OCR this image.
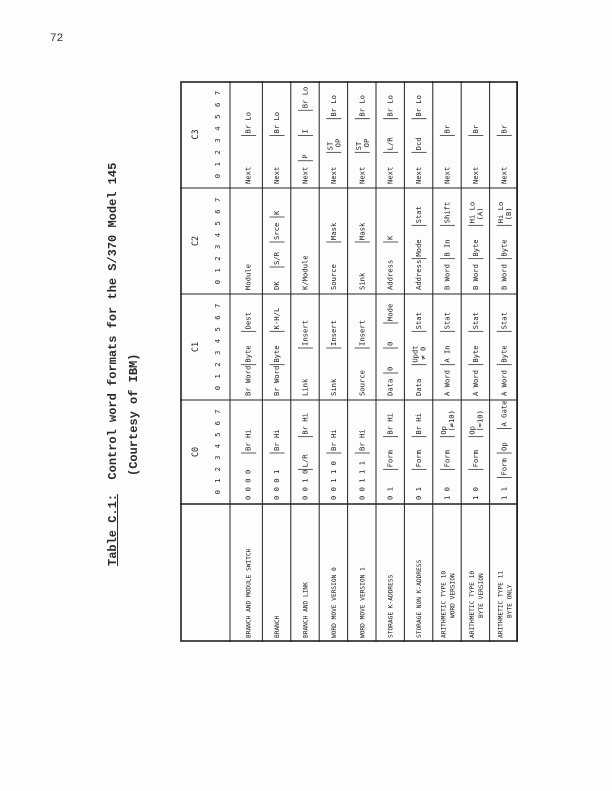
72
Table C.1:  Control word formats for the S/370 Model 145 (Courtesy of IBM)	C0
0
1
2
3
4
5
6
7
C1
0
1
2
3
4
5
6
7
C2
0
1
2
3
4
5
6
7
C3
0
1
2
3
4
5
6
7
BRANCH AND MODULE SWITCH
0 0 0 0
Br Hi
Br Word
Byte
Dest
Module
Next
Br Lo
BRANCH
0 0 0 1
Br Hi
Br Word
Byte
K-H/L
DK
S/R
Srce
K
Next
Br Lo
BRANCH AND LINK
0 0 1 0
L/R
Br Hi
Link
Insert
K/Module
Next
P
I
Br Lo
WORD MOVE VERSION 0
0 0 1 1 0
Br Hi
Sink
Insert
Source
Mask
Next
ST OP
Br Lo
WORD MOVE VERSION 1
0 0 1 1 1
Br Hi
Source
Insert
Sink
Mask
Next
ST OP
Br Lo
STORAGE K-ADDRESS
0 1
Form
Br Hi
Data
0
0
Mode
Address
K
Next
L/R
Br Lo
STORAGE NON K-ADDRESS
0 1
Form
Br Hi
Data
Updt ≠ 0
Stat
Address
Mode
Stat
Next
Dcd
Br Lo
ARITHMETIC TYPE 10 WORD VERSION
1 0
Form
Op (≠10)
A Word
A In
Stat
B Word
B In
Shift
Next
Br
ARITHMETIC TYPE 10 BYTE VERSION
1 0
Form
Op (=10)
A Word
Byte
Stat
B Word
Byte
Hi Lo (A)
Next
Br
ARITHMETIC TYPE 11 BYTE ONLY
1 1
Form
Op
A Gate
A Word
Byte
Stat
B Word
Byte
Hi Lo (B)
Next
Br
